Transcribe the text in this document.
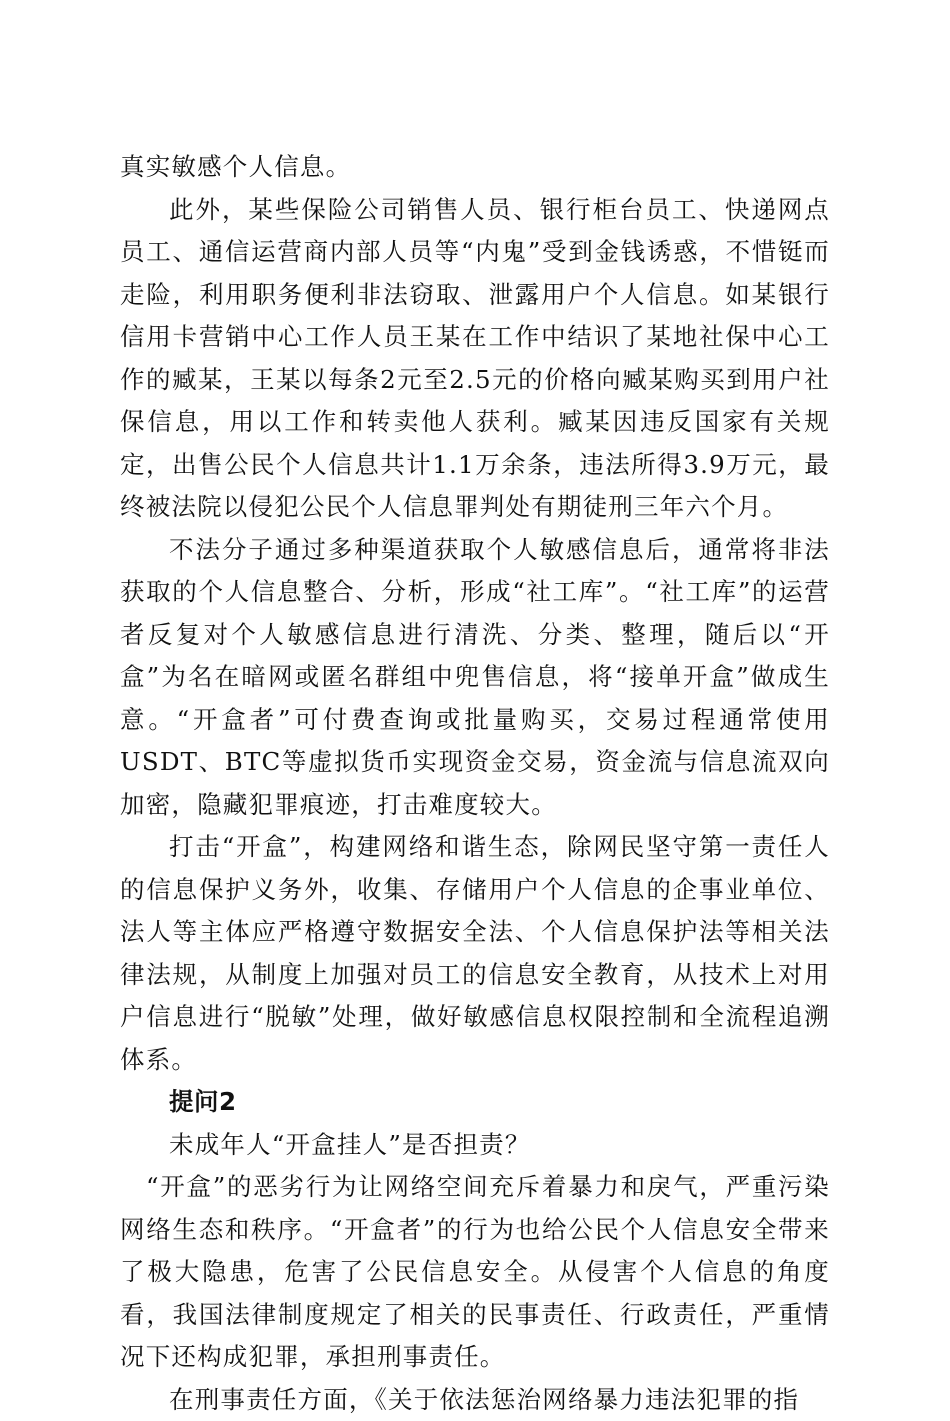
真实敏感个人信息。

此外，某些保险公司销售人员、银行柜台员工、快递网点员工、通信运营商内部人员等“内鬼”受到金钱诱惑，不惜铤而走险，利用职务便利非法窃取、泄露用户个人信息。如某银行信用卡营销中心工作人员王某在工作中结识了某地社保中心工作的臧某，王某以每条2元至2.5元的价格向臧某购买到用户社保信息，用以工作和转卖他人获利。臧某因违反国家有关规定，出售公民个人信息共计1.1万余条，违法所得3.9万元，最终被法院以侵犯公民个人信息罪判处有期徒刑三年六个月。

不法分子通过多种渠道获取个人敏感信息后，通常将非法获取的个人信息整合、分析，形成“社工库”。“社工库”的运营者反复对个人敏感信息进行清洗、分类、整理，随后以“开盒”为名在暗网或匿名群组中兜售信息，将“接单开盒”做成生意。“开盒者”可付费查询或批量购买，交易过程通常使用USDT、BTC等虚拟货币实现资金交易，资金流与信息流双向加密，隐藏犯罪痕迹，打击难度较大。

打击“开盒”，构建网络和谐生态，除网民坚守第一责任人的信息保护义务外，收集、存储用户个人信息的企事业单位、法人等主体应严格遵守数据安全法、个人信息保护法等相关法律法规，从制度上加强对员工的信息安全教育，从技术上对用户信息进行“脱敏”处理，做好敏感信息权限控制和全流程追溯体系。

提问2

未成年人“开盒挂人”是否担责？

“开盒”的恶劣行为让网络空间充斥着暴力和戾气，严重污染网络生态和秩序。“开盒者”的行为也给公民个人信息安全带来了极大隐患，危害了公民信息安全。从侵害个人信息的角度看，我国法律制度规定了相关的民事责任、行政责任，严重情况下还构成犯罪，承担刑事责任。

在刑事责任方面，《关于依法惩治网络暴力违法犯罪的指
